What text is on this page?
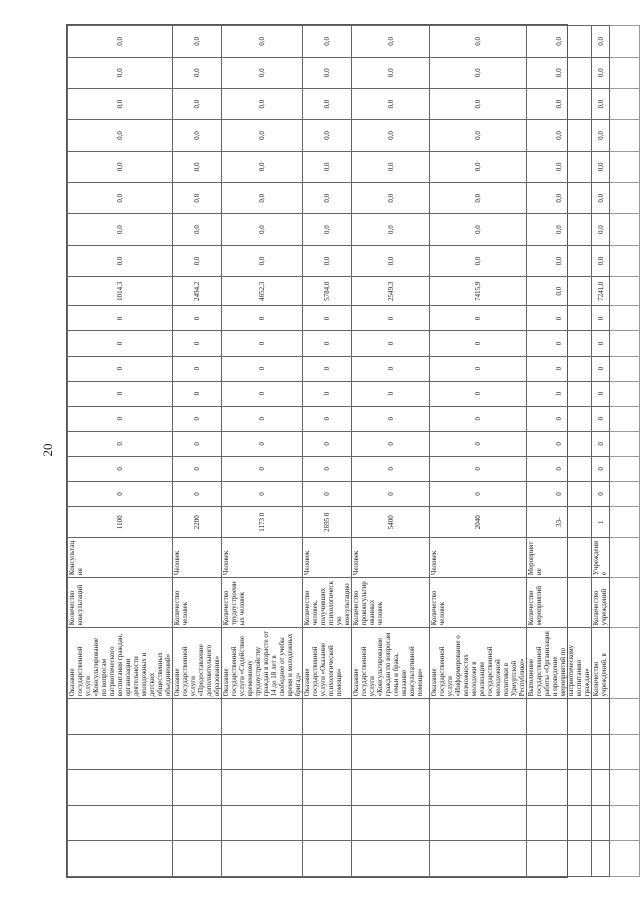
20
					Оказание государственной услуги «Консультирование по вопросам патриотического воспитания граждан, организации деятельности молодежных и детских общественных объединений»	Количество консультаций	Консультация	1100	0	0	0	0	0	0	0	0	1014,3	0,0	0,0	0,0	0,0	0,0	0,0	0,0	0,0
					Оказание государственной услуги «Предоставление дополнительного образования»	Количество человек	Человек	2200	0	0	0	0	0	0	0	0	2494,2	0,0	0,0	0,0	0,0	0,0	0,0	0,0	0,0
					Оказание государственной услуги «Содействие временному трудоустройству граждан в возрасте от 14 до 18 лет в свободное от учебы время и молодежных бригад»	Количество трудоустроенных человек	Человек	1173 0	0	0	0	0	0	0	0	0	4652,3	0,0	0,0	0,0	0,0	0,0	0,0	0,0	0,0
					Оказание государственной услуги «Оказание психологической помощи»	Количество человек, получивших психологическую консультацию	Человек	2695 0	0	0	0	0	0	0	0	0	5784,0	0,0	0,0	0,0	0,0	0,0	0,0	0,0	0,0
					Оказание государственной услуги «Консультирование граждан по вопросам семьи и брака, оказание консультативной помощи»	Количество проконсультированных человек	Человек	5400	0	0	0	0	0	0	0	0	2549,3	0,0	0,0	0,0	0,0	0,0	0,0	0,0	0,0
					Оказание государственной услуги «Информирование о возможностях молодежи в реализации государственной молодежной политики в Удмуртской Республике»	Количество человек	Человек	2040	0	0	0	0	0	0	0	0	7415,9	0,0	0,0	0,0	0,0	0,0	0,0	0,0	0,0
					Выполнение государственной работы «Организация и проведение мероприятий по патриотическому воспитанию граждан»	Количество мероприятий	Мероприятие	33-	0	0	0	0	0	0	0	0	0,0	0,0	0,0	0,0	0,0	0,0	0,0	0,0	0,0
					Количество учреждений, в	Количество учреждений	Учреждение	1	0	0	0	0	0	0	0	0	7241,0	0,0	0,0	0,0	0,0	0,0	0,0	0,0	0,0
